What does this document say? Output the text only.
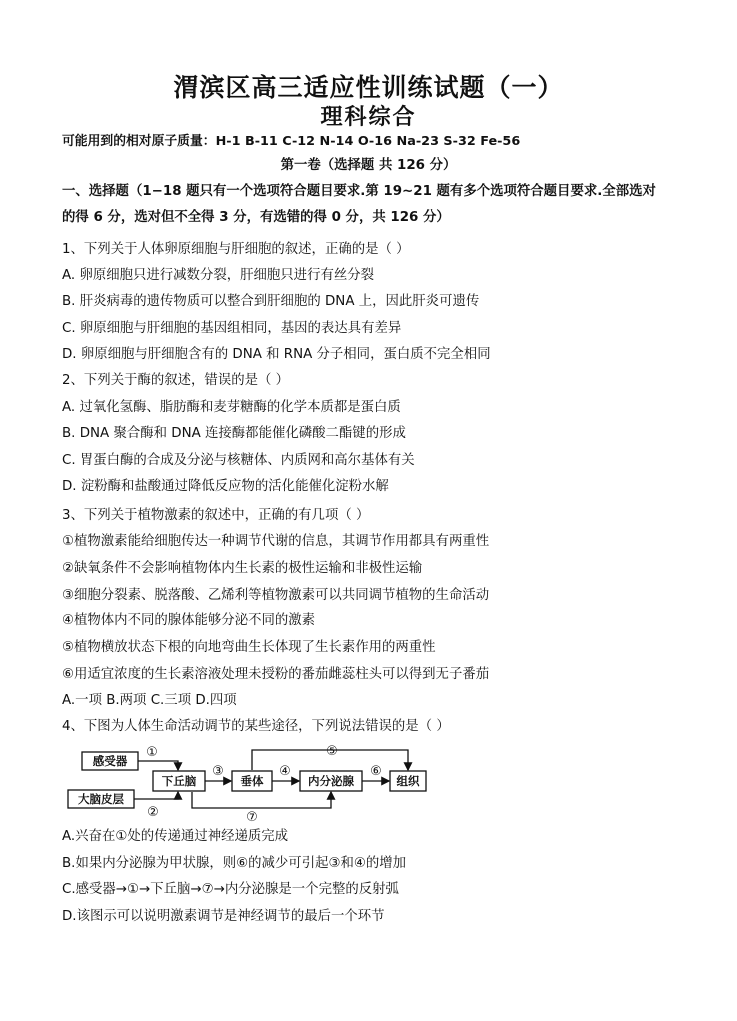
渭滨区高三适应性训练试题（一）
理科综合
可能用到的相对原子质量：H-1 B-11 C-12 N-14 O-16 Na-23 S-32 Fe-56
第一卷（选择题 共 126 分）
一、选择题（1−18 题只有一个选项符合题目要求.第 19∼21 题有多个选项符合题目要求.全部选对
的得 6 分，选对但不全得 3 分，有选错的得 0 分，共 126 分）
1、下列关于人体卵原细胞与肝细胞的叙述，正确的是（ ）
A. 卵原细胞只进行减数分裂，肝细胞只进行有丝分裂
B. 肝炎病毒的遗传物质可以整合到肝细胞的 DNA 上，因此肝炎可遗传
C. 卵原细胞与肝细胞的基因组相同，基因的表达具有差异
D. 卵原细胞与肝细胞含有的 DNA 和 RNA 分子相同，蛋白质不完全相同
2、下列关于酶的叙述，错误的是（ ）
A. 过氧化氢酶、脂肪酶和麦芽糖酶的化学本质都是蛋白质
B. DNA 聚合酶和 DNA 连接酶都能催化磷酸二酯键的形成
C. 胃蛋白酶的合成及分泌与核糖体、内质网和高尔基体有关
D. 淀粉酶和盐酸通过降低反应物的活化能催化淀粉水解
3、下列关于植物激素的叙述中，正确的有几项（ ）
①植物激素能给细胞传达一种调节代谢的信息，其调节作用都具有两重性
②缺氧条件不会影响植物体内生长素的极性运输和非极性运输
③细胞分裂素、脱落酸、乙烯利等植物激素可以共同调节植物的生命活动
④植物体内不同的腺体能够分泌不同的激素
⑤植物横放状态下根的向地弯曲生长体现了生长素作用的两重性
⑥用适宜浓度的生长素溶液处理未授粉的番茄雌蕊柱头可以得到无子番茄
A.一项 B.两项 C.三项 D.四项
4、下图为人体生命活动调节的某些途径，下列说法错误的是（ ）
感受器
大脑皮层
下丘脑	垂体	内分泌腺	组织
①
②
③	④
⑤
⑥
⑦
A.兴奋在①处的传递通过神经递质完成
B.如果内分泌腺为甲状腺，则⑥的减少可引起③和④的增加
C.感受器→①→下丘脑→⑦→内分泌腺是一个完整的反射弧
D.该图示可以说明激素调节是神经调节的最后一个环节
